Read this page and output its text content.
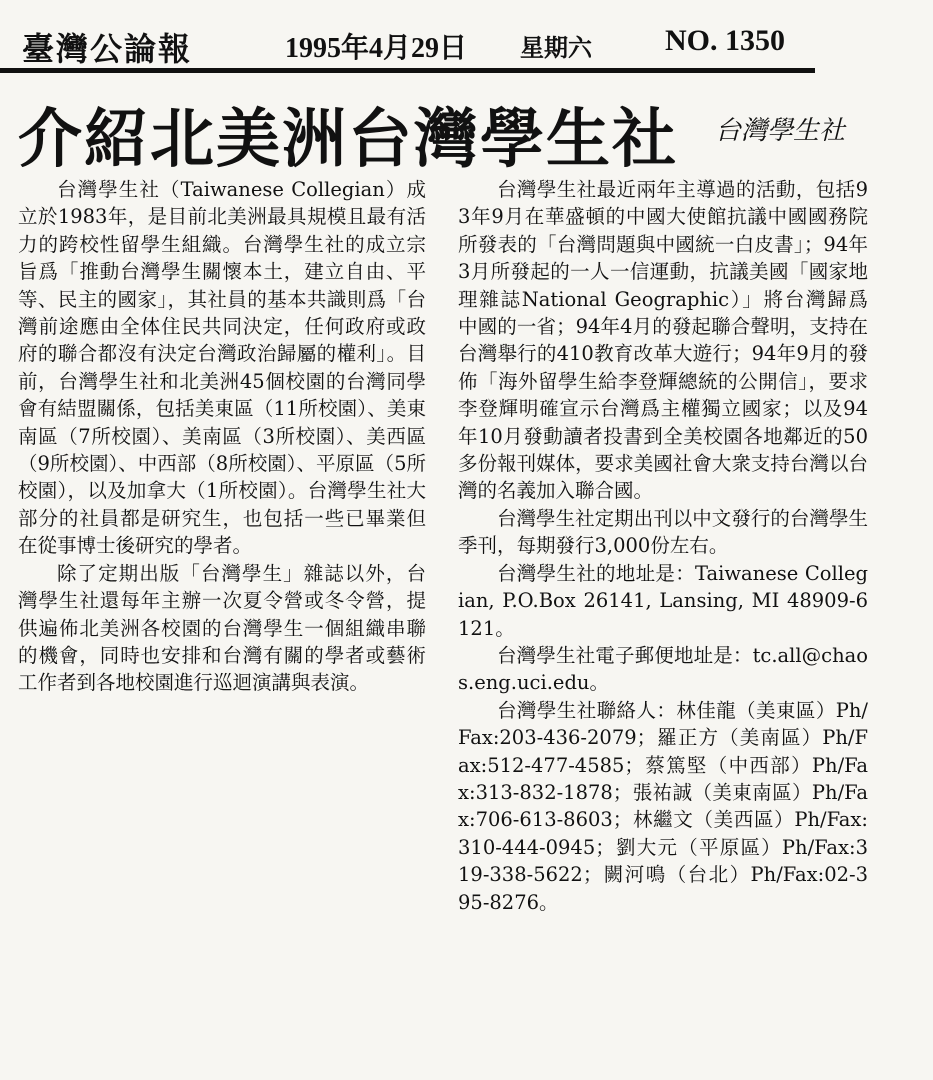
臺灣公論報	1995年4月29日 星期六 NO. 1350
介紹北美洲台灣學生社 台灣學生社

台灣學生社（Taiwanese Collegian）成立於1983年，是目前北美洲最具規模且最有活力的跨校性留學生組織。台灣學生社的成立宗旨爲「推動台灣學生關懷本土，建立自由、平等、民主的國家」，其社員的基本共識則爲「台灣前途應由全体住民共同決定，任何政府或政府的聯合都沒有決定台灣政治歸屬的權利」。目前，台灣學生社和北美洲45個校園的台灣同學會有結盟關係，包括美東區（11所校園）、美東南區（7所校園）、美南區（3所校園）、美西區（9所校園）、中西部（8所校園）、平原區（5所校園），以及加拿大（1所校園）。台灣學生社大部分的社員都是研究生，也包括一些已畢業但在從事博士後研究的學者。

除了定期出版「台灣學生」雜誌以外，台灣學生社還每年主辦一次夏令營或冬令營，提供遍佈北美洲各校園的台灣學生一個組織串聯的機會，同時也安排和台灣有關的學者或藝術工作者到各地校園進行巡迴演講與表演。

台灣學生社最近兩年主導過的活動，包括93年9月在華盛頓的中國大使館抗議中國國務院所發表的「台灣問題與中國統一白皮書」；94年3月所發起的一人一信運動，抗議美國「國家地理雜誌National Geographic）」將台灣歸爲中國的一省；94年4月的發起聯合聲明，支持在台灣舉行的410教育改革大遊行；94年9月的發佈「海外留學生給李登輝總統的公開信」，要求李登輝明確宣示台灣爲主權獨立國家；以及94年10月發動讀者投書到全美校園各地鄰近的50多份報刊媒体，要求美國社會大衆支持台灣以台灣的名義加入聯合國。

台灣學生社定期出刊以中文發行的台灣學生季刊，每期發行3,000份左右。

台灣學生社的地址是：Taiwanese Collegian, P.O.Box 26141, Lansing, MI 48909-6121。

台灣學生社電子郵便地址是：tc.all@chaos.eng.uci.edu。

台灣學生社聯絡人：林佳龍（美東區）Ph/Fax:203-436-2079；羅正方（美南區）Ph/Fax:512-477-4585；蔡篤堅（中西部）Ph/Fax:313-832-1878；張祐誠（美東南區）Ph/Fax:706-613-8603；林繼文（美西區）Ph/Fax: 310-444-0945；劉大元（平原區）Ph/Fax:319-338-5622；闕河鳴（台北）Ph/Fax:02-395-8276。
